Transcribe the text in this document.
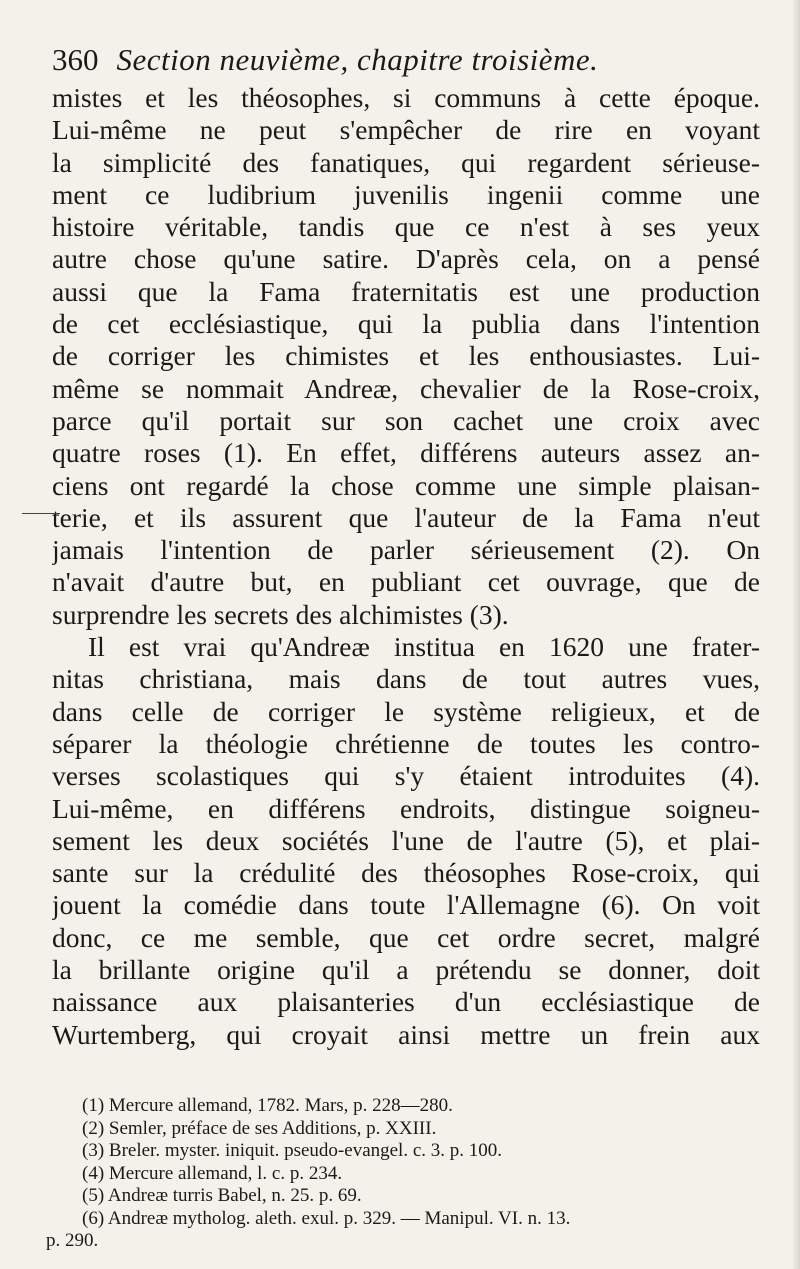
360 Section neuvième, chapitre troisième.
mistes et les théosophes, si communs à cette époque.
Lui-même ne peut s'empêcher de rire en voyant
la simplicité des fanatiques, qui regardent sérieuse-
ment ce ludibrium juvenilis ingenii comme une
histoire véritable, tandis que ce n'est à ses yeux
autre chose qu'une satire. D'après cela, on a pensé
aussi que la Fama fraternitatis est une production
de cet ecclésiastique, qui la publia dans l'intention
de corriger les chimistes et les enthousiastes. Lui-
même se nommait Andreæ, chevalier de la Rose-croix,
parce qu'il portait sur son cachet une croix avec
quatre roses (1). En effet, différens auteurs assez an-
ciens ont regardé la chose comme une simple plaisan-
terie, et ils assurent que l'auteur de la Fama n'eut
jamais l'intention de parler sérieusement (2). On
n'avait d'autre but, en publiant cet ouvrage, que de
surprendre les secrets des alchimistes (3).
Il est vrai qu'Andreæ institua en 1620 une frater-
nitas christiana, mais dans de tout autres vues,
dans celle de corriger le système religieux, et de
séparer la théologie chrétienne de toutes les contro-
verses scolastiques qui s'y étaient introduites (4).
Lui-même, en différens endroits, distingue soigneu-
sement les deux sociétés l'une de l'autre (5), et plai-
sante sur la crédulité des théosophes Rose-croix, qui
jouent la comédie dans toute l'Allemagne (6). On voit
donc, ce me semble, que cet ordre secret, malgré
la brillante origine qu'il a prétendu se donner, doit
naissance aux plaisanteries d'un ecclésiastique de
Wurtemberg, qui croyait ainsi mettre un frein aux
(1) Mercure allemand, 1782. Mars, p. 228—280.
(2) Semler, préface de ses Additions, p. XXIII.
(3) Breler. myster. iniquit. pseudo-evangel. c. 3. p. 100.
(4) Mercure allemand, l. c. p. 234.
(5) Andreæ turris Babel, n. 25. p. 69.
(6) Andreæ mytholog. aleth. exul. p. 329. — Manipul. VI. n. 13.
p. 290.
